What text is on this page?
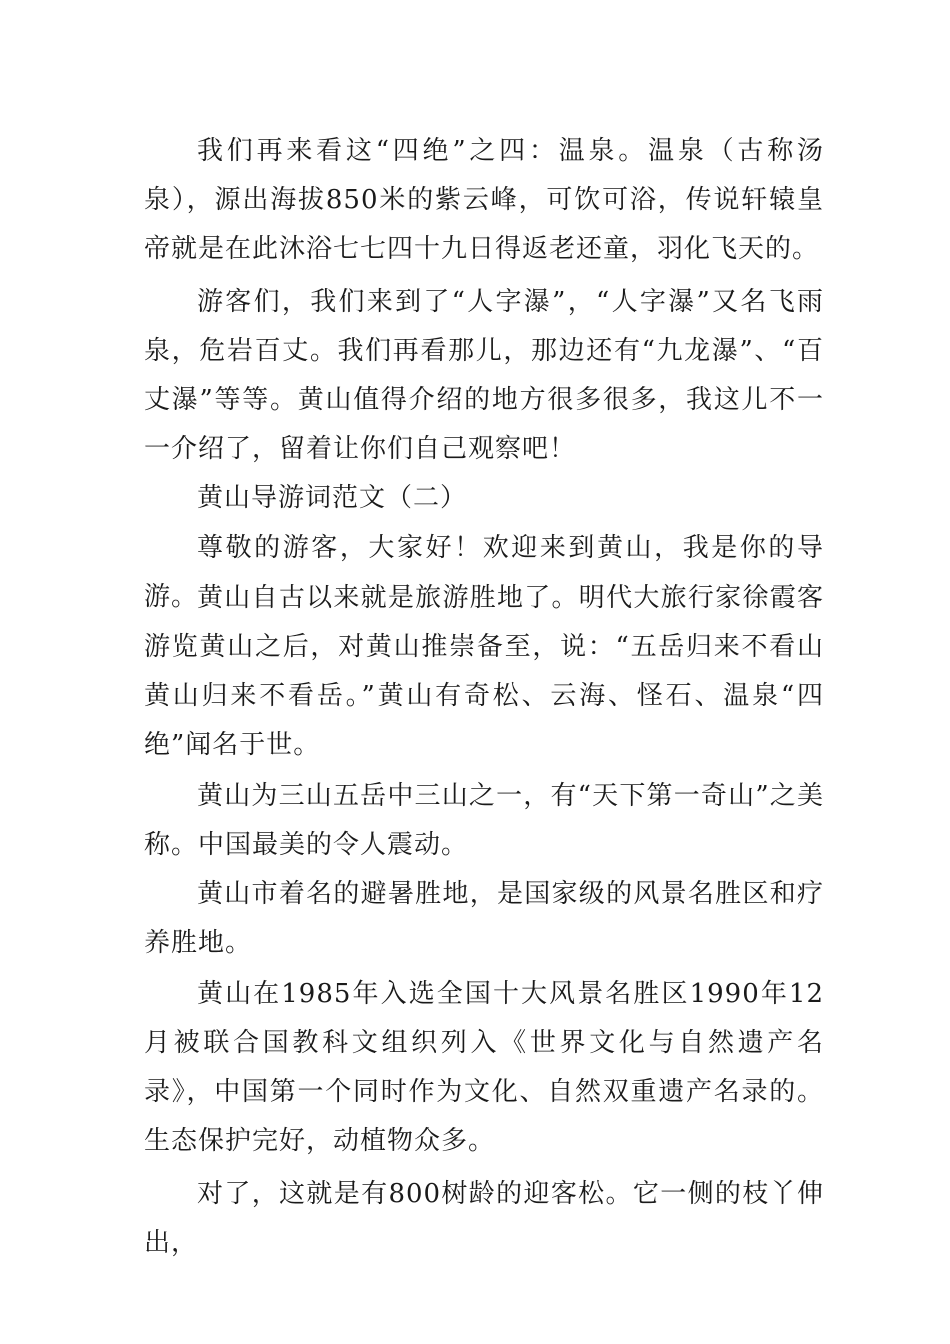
我们再来看这“四绝”之四：温泉。温泉（古称汤泉），源出海拔850米的紫云峰，可饮可浴，传说轩辕皇帝就是在此沐浴七七四十九日得返老还童，羽化飞天的。

游客们，我们来到了“人字瀑”，“人字瀑”又名飞雨泉，危岩百丈。我们再看那儿，那边还有“九龙瀑”、“百丈瀑”等等。黄山值得介绍的地方很多很多，我这儿不一一介绍了，留着让你们自己观察吧！

黄山导游词范文（二）

尊敬的游客，大家好！欢迎来到黄山，我是你的导游。

黄山自古以来就是旅游胜地了。明代大旅行家徐霞客游览黄山之后，对黄山推崇备至，说：“五岳归来不看山黄山归来不看岳。”黄山有奇松、云海、怪石、温泉“四绝”闻名于世。

黄山为三山五岳中三山之一，有“天下第一奇山”之美称。中国最美的令人震动。

黄山市着名的避暑胜地，是国家级的风景名胜区和疗养胜地。

黄山在1985年入选全国十大风景名胜区1990年12月被联合国教科文组织列入《世界文化与自然遗产名录》，中国第一个同时作为文化、自然双重遗产名录的。生态保护完好，动植物众多。

对了，这就是有800树龄的迎客松。它一侧的枝丫伸出，
